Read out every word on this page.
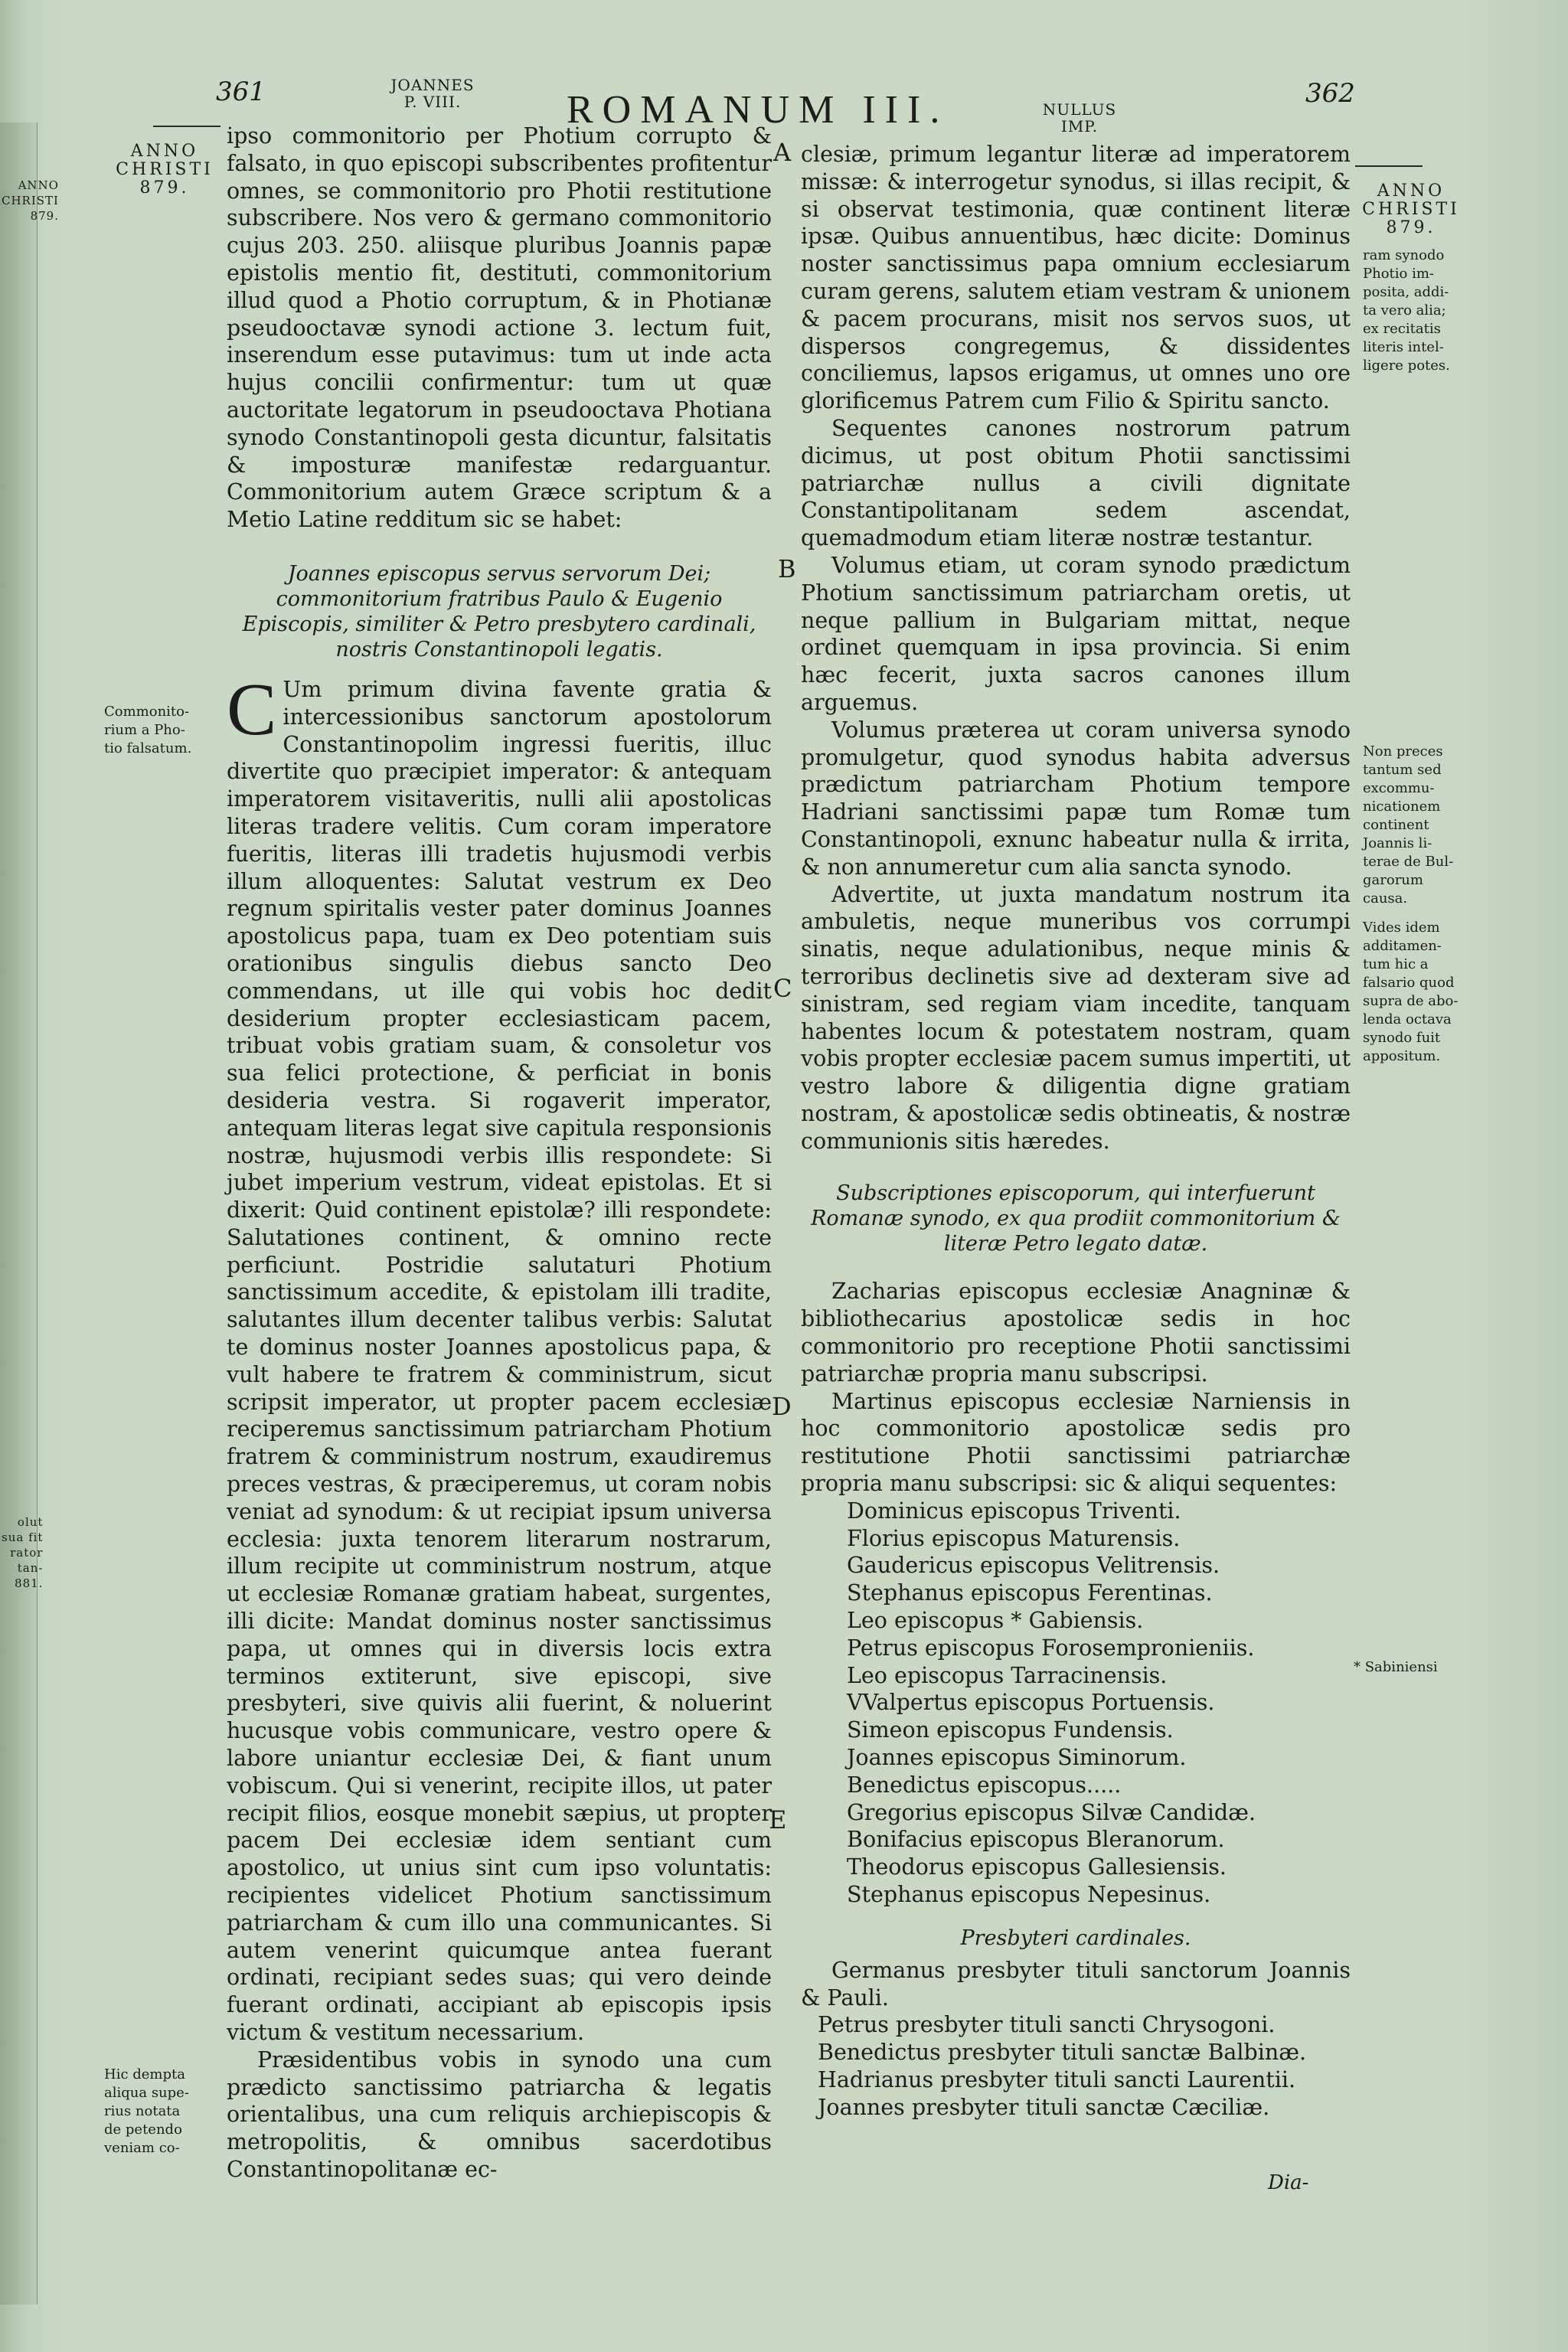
ANNO
CHRISTI
879.
olut
sua fit
rator
tan-
881.
361	JOANNES
P. VIII.	ROMANUM III.	NULLUS
IMP.
362
ANNO
CHRISTI
879.	ANNO
CHRISTI
879.
Commonito-
rium a Pho-
tio falsatum.
Hic dempta
aliqua supe-
rius notata
de petendo
veniam co-
ram synodo
Photio im-
posita, addi-
ta vero alia;
ex recitatis
literis intel-
ligere potes.
Non preces
tantum sed
excommu-
nicationem
continent
Joannis li-
terae de Bul-
garorum
causa.
Vides idem
additamen-
tum hic a
falsario quod
supra de abo-
lenda octava
synodo fuit
appositum.
* Sabiniensi
A
B
C
D
E

ipso commonitorio per Photium corrupto & falsato, in quo episcopi subscribentes profitentur omnes, se commonitorio pro Photii restitutione subscribere. Nos vero & germano commonitorio cujus 203. 250. aliisque pluribus Joannis papæ epistolis mentio fit, destituti, commonitorium illud quod a Photio corruptum, & in Photianæ pseudooctavæ synodi actione 3. lectum fuit, inserendum esse putavimus: tum ut inde acta hujus concilii confirmentur: tum ut quæ auctoritate legatorum in pseudooctava Photiana synodo Constantinopoli gesta dicuntur, falsitatis & imposturæ manifestæ redarguantur. Commonitorium autem Græce scriptum & a Metio Latine redditum sic se habet:

Joannes episcopus servus servorum Dei; commonitorium fratribus Paulo & Eugenio Episcopis, similiter & Petro presbytero cardinali, nostris Constantinopoli legatis.

C Um primum divina favente gratia & intercessionibus sanctorum apostolorum Constantinopolim ingressi fueritis, illuc divertite quo præcipiet imperator: & antequam imperatorem visitaveritis, nulli alii apostolicas literas tradere velitis. Cum coram imperatore fueritis, literas illi tradetis hujusmodi verbis illum alloquentes: Salutat vestrum ex Deo regnum spiritalis vester pater dominus Joannes apostolicus papa, tuam ex Deo potentiam suis orationibus singulis diebus sancto Deo commendans, ut ille qui vobis hoc dedit desiderium propter ecclesiasticam pacem, tribuat vobis gratiam suam, & consoletur vos sua felici protectione, & perficiat in bonis desideria vestra. Si rogaverit imperator, antequam literas legat sive capitula responsionis nostræ, hujusmodi verbis illis respondete: Si jubet imperium vestrum, videat epistolas. Et si dixerit: Quid continent epistolæ? illi respondete: Salutationes continent, & omnino recte perficiunt. Postridie salutaturi Photium sanctissimum accedite, & epistolam illi tradite, salutantes illum decenter talibus verbis: Salutat te dominus noster Joannes apostolicus papa, & vult habere te fratrem & comministrum, sicut scripsit imperator, ut propter pacem ecclesiæ reciperemus sanctissimum patriarcham Photium fratrem & comministrum nostrum, exaudiremus preces vestras, & præciperemus, ut coram nobis veniat ad synodum: & ut recipiat ipsum universa ecclesia: juxta tenorem literarum nostrarum, illum recipite ut comministrum nostrum, atque ut ecclesiæ Romanæ gratiam habeat, surgentes, illi dicite: Mandat dominus noster sanctissimus papa, ut omnes qui in diversis locis extra terminos extiterunt, sive episcopi, sive presbyteri, sive quivis alii fuerint, & noluerint hucusque vobis communicare, vestro opere & labore uniantur ecclesiæ Dei, & fiant unum vobiscum. Qui si venerint, recipite illos, ut pater recipit filios, eosque monebit sæpius, ut propter pacem Dei ecclesiæ idem sentiant cum apostolico, ut unius sint cum ipso voluntatis: recipientes videlicet Photium sanctissimum patriarcham & cum illo una communicantes. Si autem venerint quicumque antea fuerant ordinati, recipiant sedes suas; qui vero deinde fuerant ordinati, accipiant ab episcopis ipsis victum & vestitum necessarium.

Præsidentibus vobis in synodo una cum prædicto sanctissimo patriarcha & legatis orientalibus, una cum reliquis archiepiscopis & metropolitis, & omnibus sacerdotibus Constantinopolitanæ ec-

clesiæ, primum legantur literæ ad imperatorem missæ: & interrogetur synodus, si illas recipit, & si observat testimonia, quæ continent literæ ipsæ. Quibus annuentibus, hæc dicite: Dominus noster sanctissimus papa omnium ecclesiarum curam gerens, salutem etiam vestram & unionem & pacem procurans, misit nos servos suos, ut dispersos congregemus, & dissidentes conciliemus, lapsos erigamus, ut omnes uno ore glorificemus Patrem cum Filio & Spiritu sancto.

Sequentes canones nostrorum patrum dicimus, ut post obitum Photii sanctissimi patriarchæ nullus a civili dignitate Constantipolitanam sedem ascendat, quemadmodum etiam literæ nostræ testantur.

Volumus etiam, ut coram synodo prædictum Photium sanctissimum patriarcham oretis, ut neque pallium in Bulgariam mittat, neque ordinet quemquam in ipsa provincia. Si enim hæc fecerit, juxta sacros canones illum arguemus.

Volumus præterea ut coram universa synodo promulgetur, quod synodus habita adversus prædictum patriarcham Photium tempore Hadriani sanctissimi papæ tum Romæ tum Constantinopoli, exnunc habeatur nulla & irrita, & non annumeretur cum alia sancta synodo.

Advertite, ut juxta mandatum nostrum ita ambuletis, neque muneribus vos corrumpi sinatis, neque adulationibus, neque minis & terroribus declinetis sive ad dexteram sive ad sinistram, sed regiam viam incedite, tanquam habentes locum & potestatem nostram, quam vobis propter ecclesiæ pacem sumus impertiti, ut vestro labore & diligentia digne gratiam nostram, & apostolicæ sedis obtineatis, & nostræ communionis sitis hæredes.

Subscriptiones episcoporum, qui interfuerunt Romanæ synodo, ex qua prodiit commonitorium & literæ Petro legato datæ.

Zacharias episcopus ecclesiæ Anagninæ & bibliothecarius apostolicæ sedis in hoc commonitorio pro receptione Photii sanctissimi patriarchæ propria manu subscripsi.

Martinus episcopus ecclesiæ Narniensis in hoc commonitorio apostolicæ sedis pro restitutione Photii sanctissimi patriarchæ propria manu subscripsi: sic & aliqui sequentes:

Dominicus episcopus Triventi.
Florius episcopus Maturensis.
Gaudericus episcopus Velitrensis.
Stephanus episcopus Ferentinas.
Leo episcopus * Gabiensis.
Petrus episcopus Forosempronieniis.
Leo episcopus Tarracinensis.
VValpertus episcopus Portuensis.
Simeon episcopus Fundensis.
Joannes episcopus Siminorum.
Benedictus episcopus.....
Gregorius episcopus Silvæ Candidæ.
Bonifacius episcopus Bleranorum.
Theodorus episcopus Gallesiensis.
Stephanus episcopus Nepesinus.

Presbyteri cardinales.

Germanus presbyter tituli sanctorum Joannis & Pauli.

Petrus presbyter tituli sancti Chrysogoni.
Benedictus presbyter tituli sanctæ Balbinæ.
Hadrianus presbyter tituli sancti Laurentii.
Joannes presbyter tituli sanctæ Cæciliæ.
Dia-
